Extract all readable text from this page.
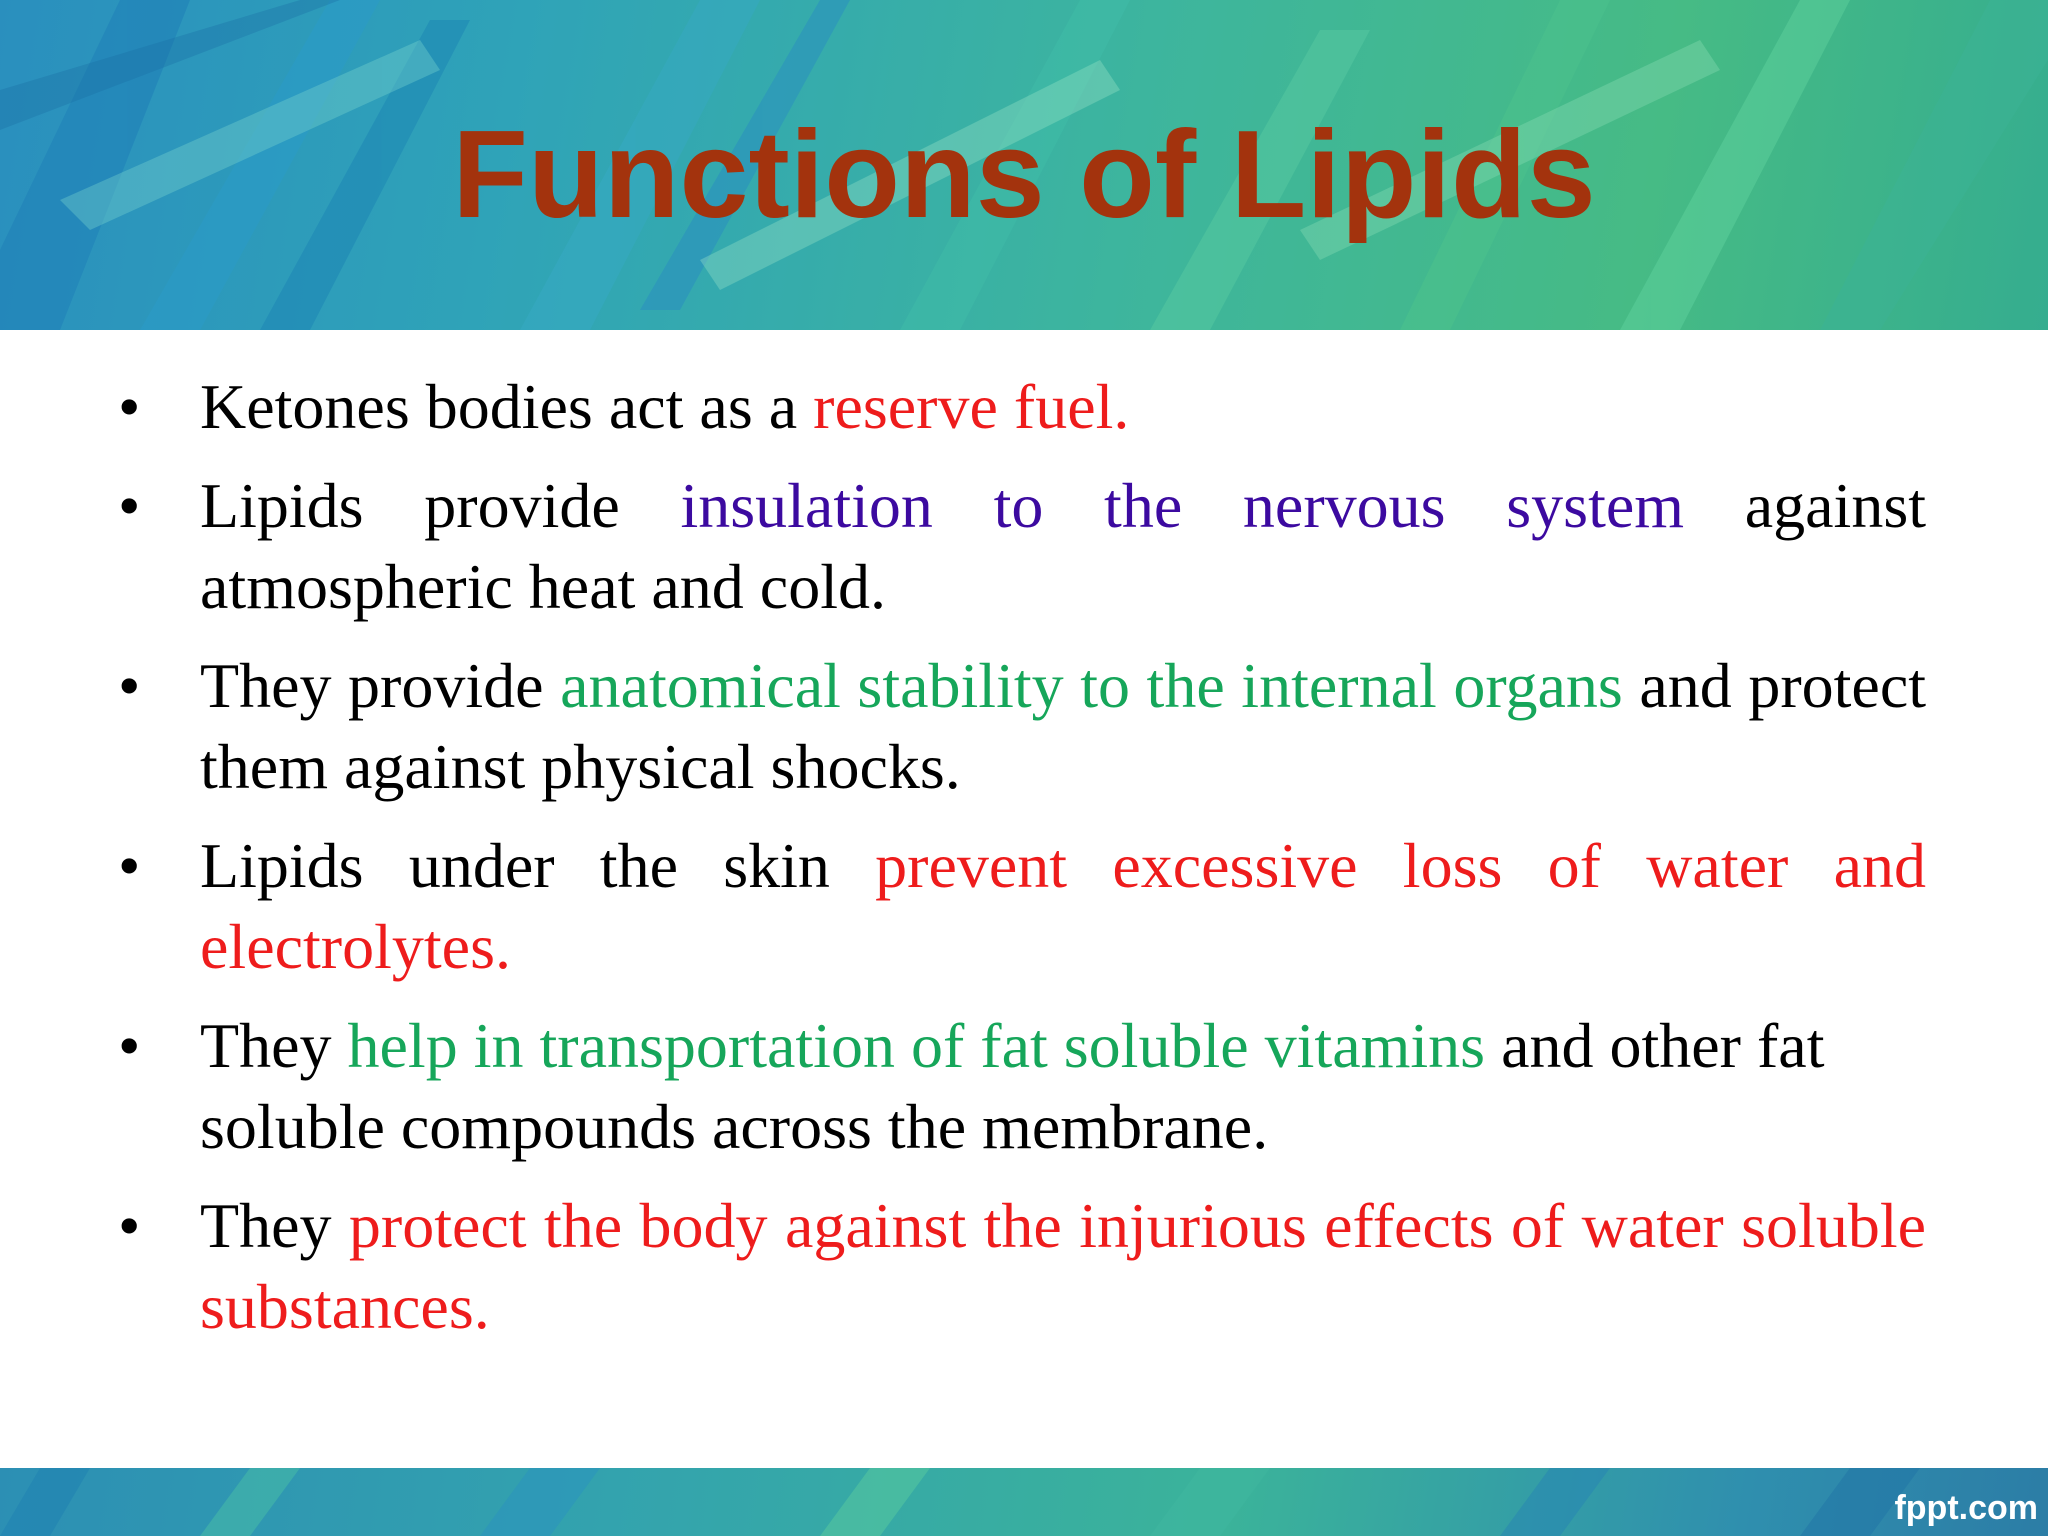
Functions of Lipids
• Ketones bodies act as a reserve fuel.
• Lipids provide insulation to the nervous system against atmospheric heat and cold.
• They provide anatomical stability to the internal organs and protect them against physical shocks.
• Lipids under the skin prevent excessive loss of water and electrolytes.
• They help in transportation of fat soluble vitamins and other fat soluble compounds across the membrane.
• They protect the body against the injurious effects of water soluble substances.
fppt.com
